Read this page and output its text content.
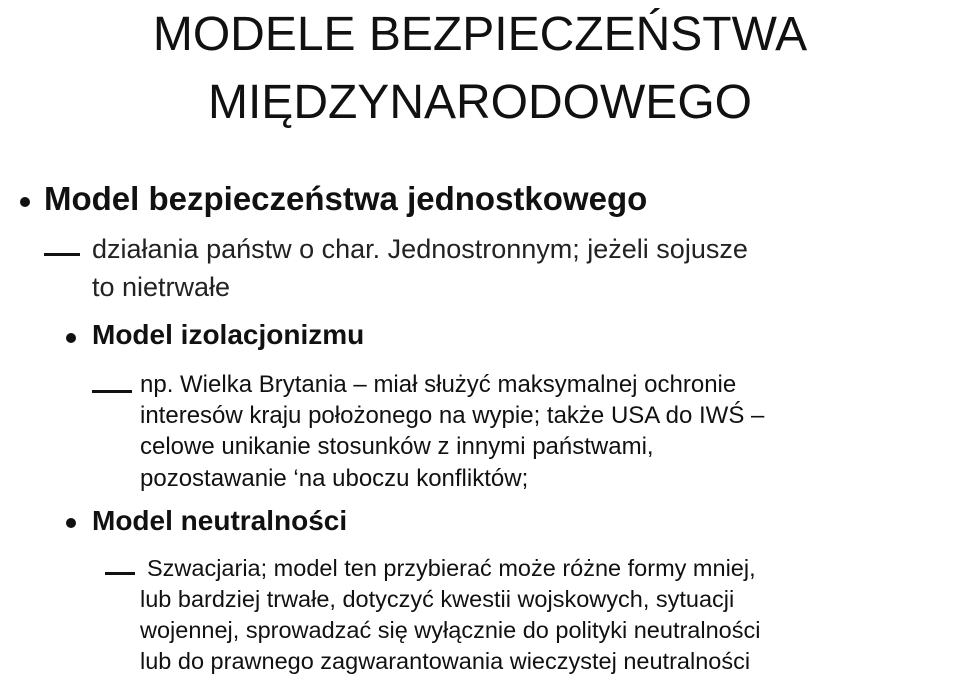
MODELE BEZPIECZEŃSTWA
MIĘDZYNARODOWEGO
Model bezpieczeństwa jednostkowego
działania państw o char. Jednostronnym; jeżeli sojusze
to nietrwałe
Model izolacjonizmu
np. Wielka Brytania – miał służyć maksymalnej ochronie
interesów kraju położonego na wypie; także USA do IWŚ –
celowe unikanie stosunków z innymi państwami,
pozostawanie ‘na uboczu konfliktów;
Model neutralności
Szwacjaria; model ten przybierać może różne formy mniej,
lub bardziej trwałe, dotyczyć kwestii wojskowych, sytuacji
wojennej, sprowadzać się wyłącznie do polityki neutralności
lub do prawnego zagwarantowania wieczystej neutralności
